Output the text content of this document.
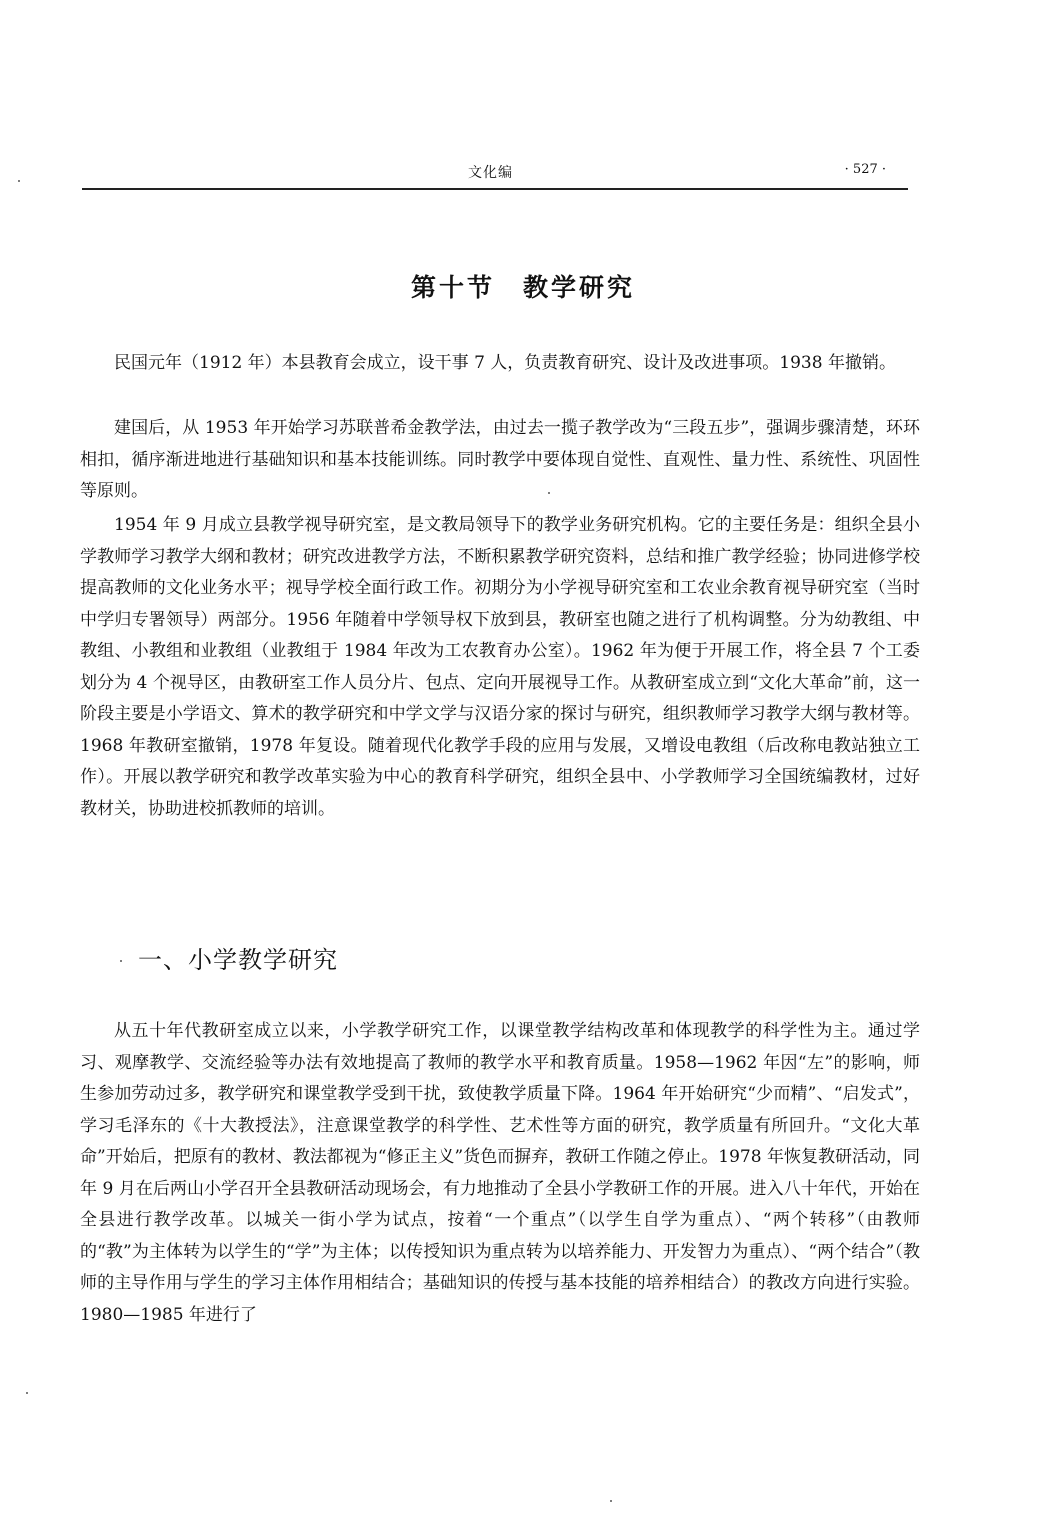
文化编	· 527 ·
第十节　教学研究

民国元年（1912 年）本县教育会成立，设干事 7 人，负责教育研究、设计及改进事项。1938 年撤销。

建国后，从 1953 年开始学习苏联普希金教学法，由过去一揽子教学改为“三段五步”，强调步骤清楚，环环相扣，循序渐进地进行基础知识和基本技能训练。同时教学中要体现自觉性、直观性、量力性、系统性、巩固性等原则。

1954 年 9 月成立县教学视导研究室，是文教局领导下的教学业务研究机构。它的主要任务是：组织全县小学教师学习教学大纲和教材；研究改进教学方法，不断积累教学研究资料，总结和推广教学经验；协同进修学校提高教师的文化业务水平；视导学校全面行政工作。初期分为小学视导研究室和工农业余教育视导研究室（当时中学归专署领导）两部分。1956 年随着中学领导权下放到县，教研室也随之进行了机构调整。分为幼教组、中教组、小教组和业教组（业教组于 1984 年改为工农教育办公室）。1962 年为便于开展工作，将全县 7 个工委划分为 4 个视导区，由教研室工作人员分片、包点、定向开展视导工作。从教研室成立到“文化大革命”前，这一阶段主要是小学语文、算术的教学研究和中学文学与汉语分家的探讨与研究，组织教师学习教学大纲与教材等。1968 年教研室撤销，1978 年复设。随着现代化教学手段的应用与发展，又增设电教组（后改称电教站独立工作）。开展以教学研究和教学改革实验为中心的教育科学研究，组织全县中、小学教师学习全国统编教材，过好教材关，协助进校抓教师的培训。

一、小学教学研究

从五十年代教研室成立以来，小学教学研究工作，以课堂教学结构改革和体现教学的科学性为主。通过学习、观摩教学、交流经验等办法有效地提高了教师的教学水平和教育质量。1958—1962 年因“左”的影响，师生参加劳动过多，教学研究和课堂教学受到干扰，致使教学质量下降。1964 年开始研究“少而精”、“启发式”，学习毛泽东的《十大教授法》，注意课堂教学的科学性、艺术性等方面的研究，教学质量有所回升。“文化大革命”开始后，把原有的教材、教法都视为“修正主义”货色而摒弃，教研工作随之停止。1978 年恢复教研活动，同年 9 月在后两山小学召开全县教研活动现场会，有力地推动了全县小学教研工作的开展。进入八十年代，开始在全县进行教学改革。以城关一街小学为试点，按着“一个重点”（以学生自学为重点）、“两个转移”（由教师的“教”为主体转为以学生的“学”为主体；以传授知识为重点转为以培养能力、开发智力为重点）、“两个结合”（教师的主导作用与学生的学习主体作用相结合；基础知识的传授与基本技能的培养相结合）的教改方向进行实验。1980—1985 年进行了
